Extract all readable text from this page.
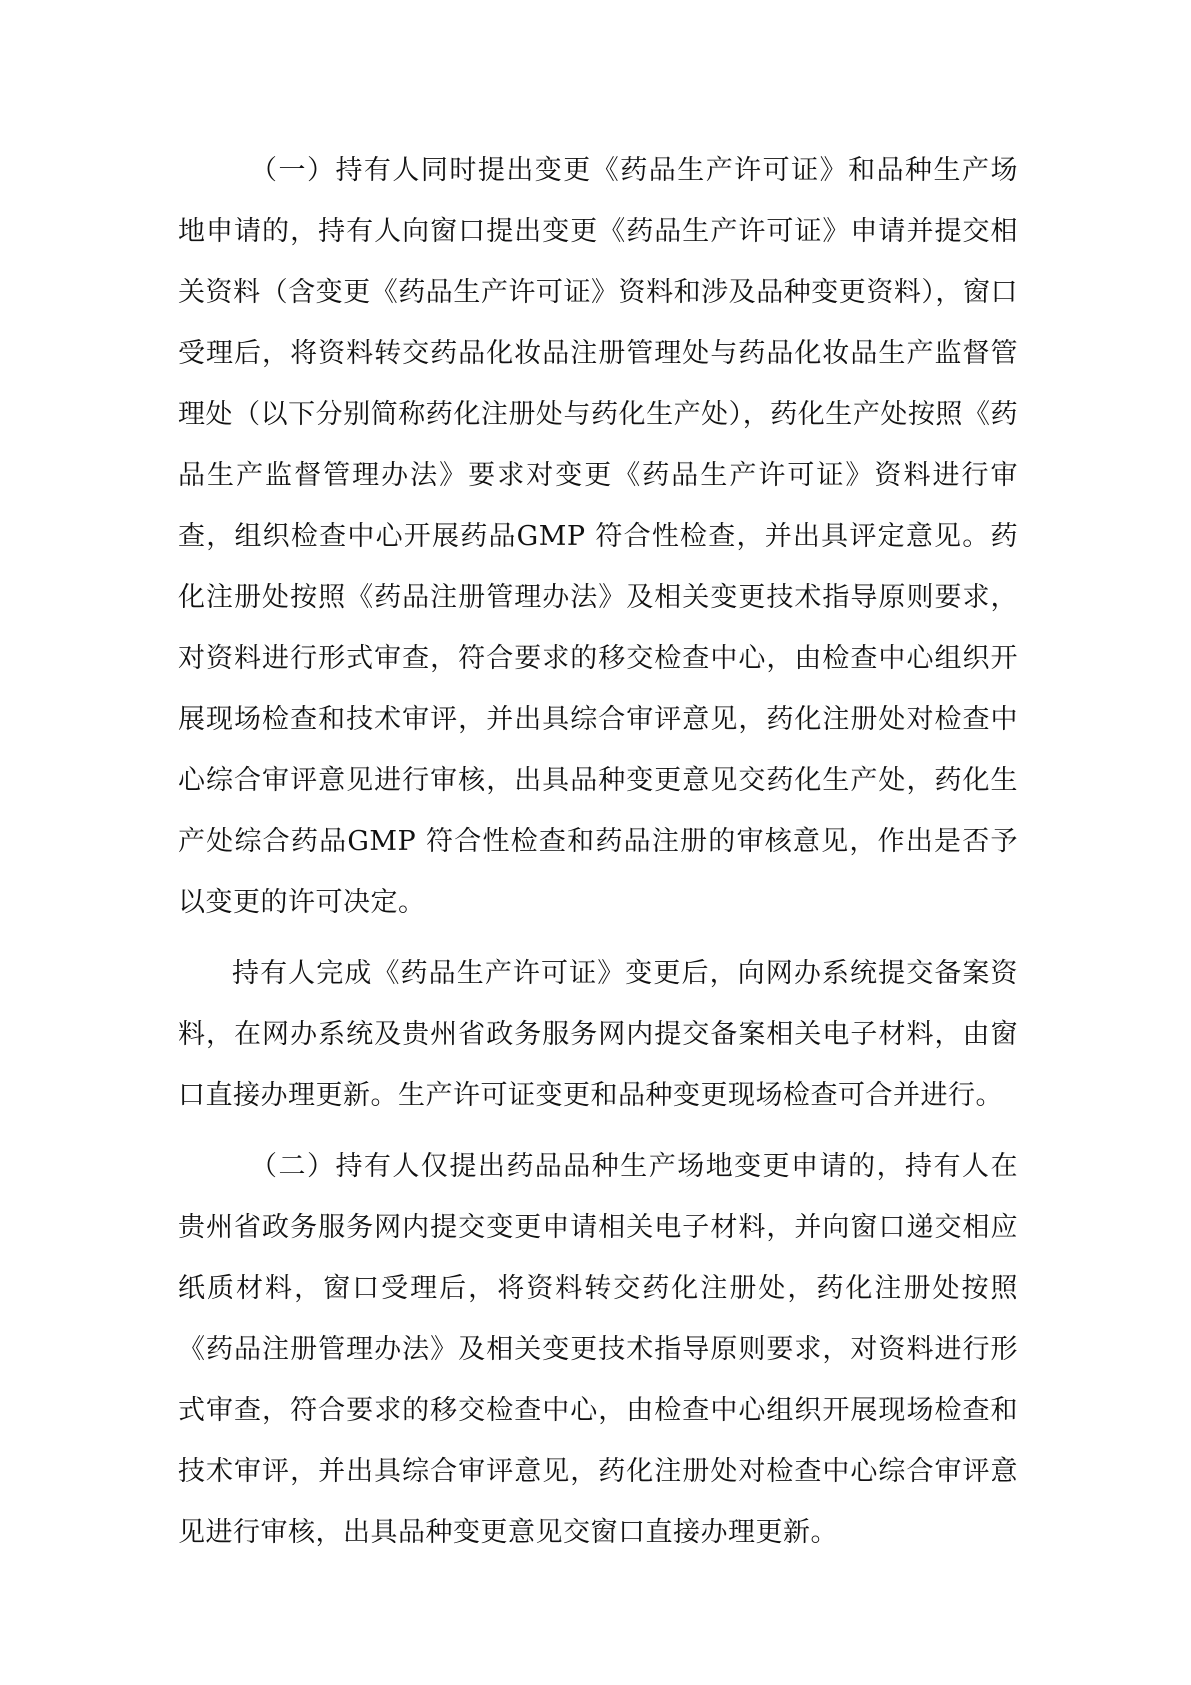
（一）持有人同时提出变更《药品生产许可证》和品种生产场地申请的，持有人向窗口提出变更《药品生产许可证》申请并提交相关资料（含变更《药品生产许可证》资料和涉及品种变更资料），窗口受理后，将资料转交药品化妆品注册管理处与药品化妆品生产监督管理处（以下分别简称药化注册处与药化生产处），药化生产处按照《药品生产监督管理办法》要求对变更《药品生产许可证》资料进行审查，组织检查中心开展药品GMP 符合性检查，并出具评定意见。药化注册处按照《药品注册管理办法》及相关变更技术指导原则要求，对资料进行形式审查，符合要求的移交检查中心，由检查中心组织开展现场检查和技术审评，并出具综合审评意见，药化注册处对检查中心综合审评意见进行审核，出具品种变更意见交药化生产处，药化生产处综合药品GMP 符合性检查和药品注册的审核意见，作出是否予以变更的许可决定。

持有人完成《药品生产许可证》变更后，向网办系统提交备案资料，在网办系统及贵州省政务服务网内提交备案相关电子材料，由窗口直接办理更新。生产许可证变更和品种变更现场检查可合并进行。

（二）持有人仅提出药品品种生产场地变更申请的，持有人在贵州省政务服务网内提交变更申请相关电子材料，并向窗口递交相应纸质材料，窗口受理后，将资料转交药化注册处，药化注册处按照《药品注册管理办法》及相关变更技术指导原则要求，对资料进行形式审查，符合要求的移交检查中心，由检查中心组织开展现场检查和技术审评，并出具综合审评意见，药化注册处对检查中心综合审评意见进行审核，出具品种变更意见交窗口直接办理更新。
